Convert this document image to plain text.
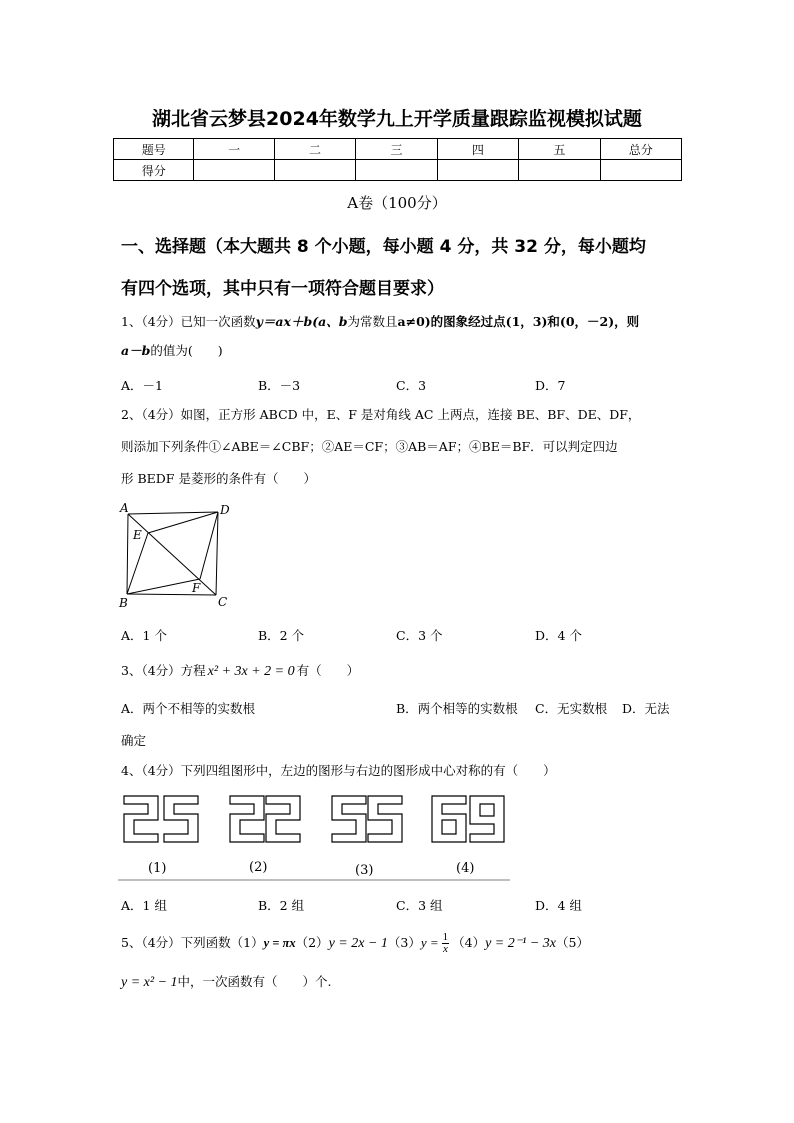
湖北省云梦县2024年数学九上开学质量跟踪监视模拟试题
题号	一	二	三	四	五	总分
得分						
A卷（100分）
一、选择题（本大题共 8 个小题，每小题 4 分，共 32 分，每小题均
有四个选项，其中只有一项符合题目要求）
1、（4分）已知一次函数y＝ax＋b(a、b为常数且a≠0)的图象经过点(1，3)和(0，－2)，则
a－b的值为(　　)
A．－1	B．－3	C．3	D．7
2、（4分）如图，正方形 ABCD 中，E、F 是对角线 AC 上两点，连接 BE、BF、DE、DF，
则添加下列条件①∠ABE＝∠CBF；②AE＝CF；③AB＝AF；④BE＝BF．可以判定四边
形 BEDF 是菱形的条件有（　　）
A	D
E
F
B	C
A．1 个	B．2 个	C．3 个	D．4 个
3、（4分）方程 x² + 3x + 2 = 0 有（　　）
A．两个不相等的实数根	B．两个相等的实数根 C．无实数根 D．无法
确定
4、（4分）下列四组图形中，左边的图形与右边的图形成中心对称的有（　　）
(1)	(2)	(3)	(4)
A．1 组	B．2 组	C．3 组	D．4 组
5、（4分）下列函数$(1)y = \pi x(2)y = 2x - 1(3)y = \frac{1}{x} (4)y = 2^{-1} - 3x(5)$
y = x² − 1中，一次函数有（　　）个.
